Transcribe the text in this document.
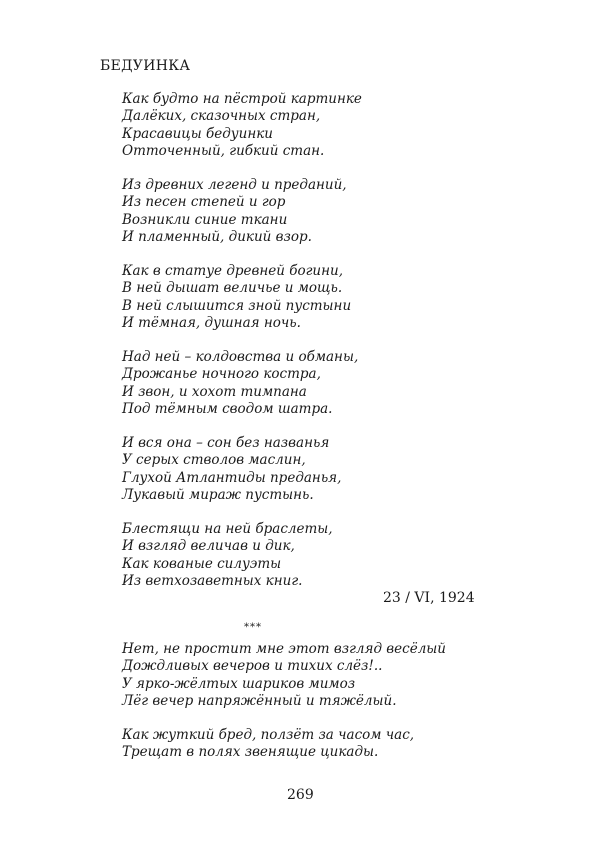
БЕДУИНКА
Как будто на пёстрой картинке
Далёких, сказочных стран,
Красавицы бедуинки
Отточенный, гибкий стан.
Из древних легенд и преданий,
Из песен степей и гор
Возникли синие ткани
И пламенный, дикий взор.
Как в статуе древней богини,
В ней дышат величье и мощь.
В ней слышится зной пустыни
И тёмная, душная ночь.
Над ней – колдовства и обманы,
Дрожанье ночного костра,
И звон, и хохот тимпана
Под тёмным сводом шатра.
И вся она – сон без названья
У серых стволов маслин,
Глухой Атлантиды преданья,
Лукавый мираж пустынь.
Блестящи на ней браслеты,
И взгляд величав и дик,
Как кованые силуэты
Из ветхозаветных книг.
23 / VI, 1924
***
Нет, не простит мне этот взгляд весёлый
Дождливых вечеров и тихих слёз!..
У ярко-жёлтых шариков мимоз
Лёг вечер напряжённый и тяжёлый.
Как жуткий бред, ползёт за часом час,
Трещат в полях звенящие цикады.
269
